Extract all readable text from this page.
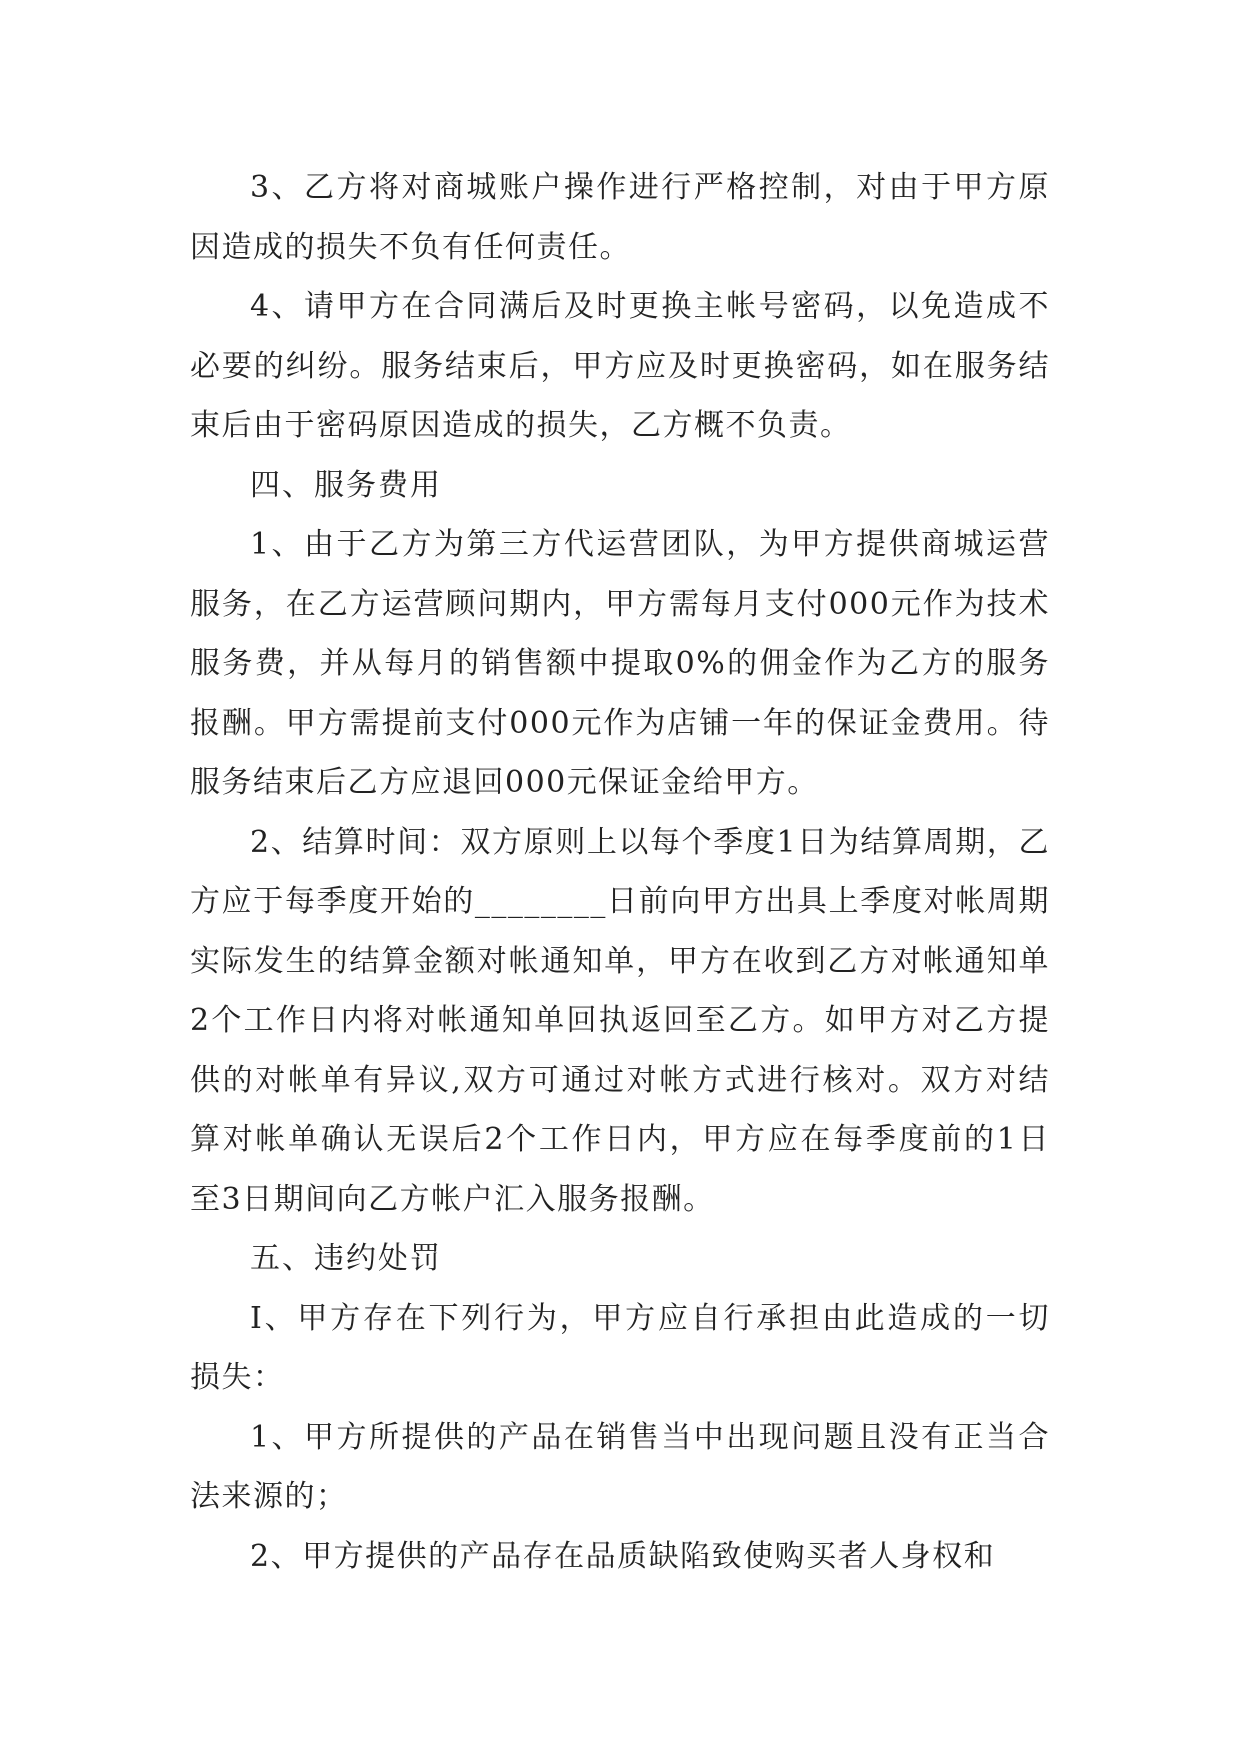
3、乙方将对商城账户操作进行严格控制，对由于甲方原因造成的损失不负有任何责任。

4、请甲方在合同满后及时更换主帐号密码，以免造成不必要的纠纷。服务结束后，甲方应及时更换密码，如在服务结束后由于密码原因造成的损失，乙方概不负责。

四、服务费用

1、由于乙方为第三方代运营团队，为甲方提供商城运营服务，在乙方运营顾问期内，甲方需每月支付000元作为技术服务费，并从每月的销售额中提取0%的佣金作为乙方的服务报酬。甲方需提前支付000元作为店铺一年的保证金费用。待服务结束后乙方应退回000元保证金给甲方。

2、结算时间：双方原则上以每个季度1日为结算周期，乙方应于每季度开始的________日前向甲方出具上季度对帐周期实际发生的结算金额对帐通知单，甲方在收到乙方对帐通知单2个工作日内将对帐通知单回执返回至乙方。如甲方对乙方提供的对帐单有异议,双方可通过对帐方式进行核对。双方对结算对帐单确认无误后2个工作日内，甲方应在每季度前的1日至3日期间向乙方帐户汇入服务报酬。

五、违约处罚

I、甲方存在下列行为，甲方应自行承担由此造成的一切损失：

1、甲方所提供的产品在销售当中出现问题且没有正当合法来源的；

2、甲方提供的产品存在品质缺陷致使购买者人身权和
